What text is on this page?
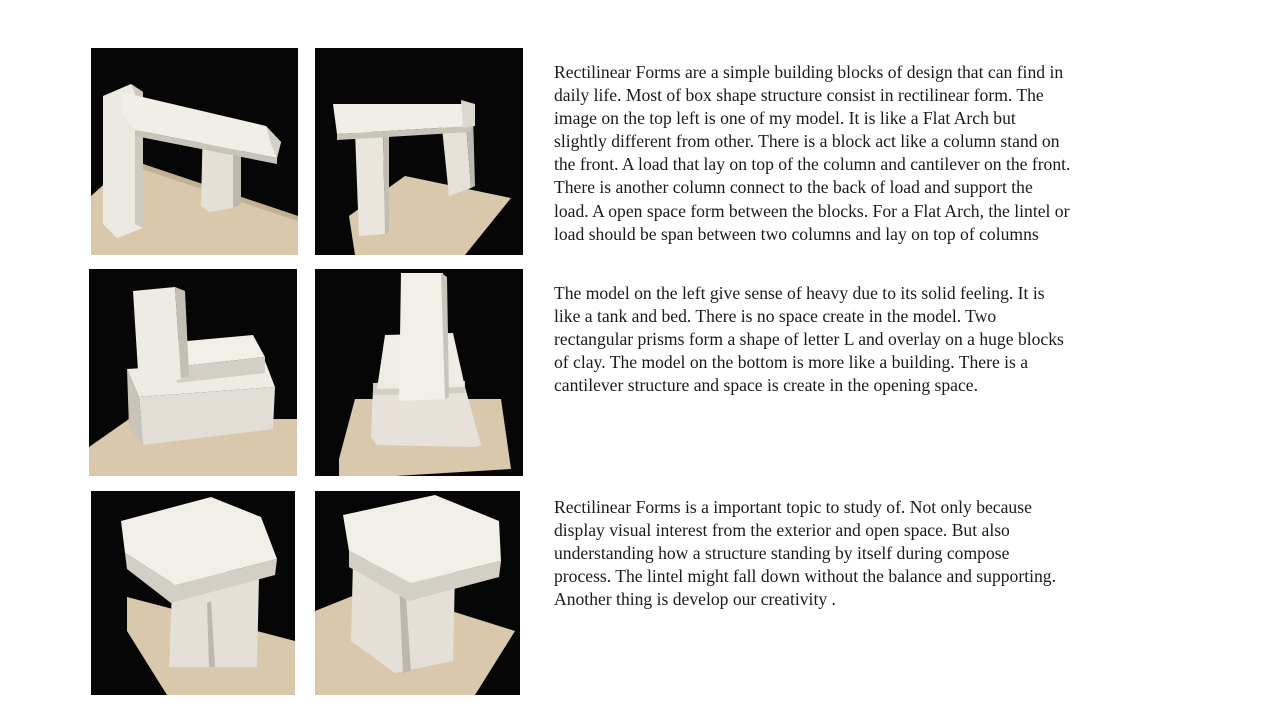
Rectilinear Forms are a simple building blocks of design that can find in
daily life. Most of box shape structure consist in rectilinear form. The
image on the top left is one of my model. It is like a Flat Arch but
slightly different from other. There is a block act like a column stand on
the front. A load that lay on top of the column and cantilever on the front.
There is another column connect to the back of load and support the
load. A open space form between the blocks. For a Flat Arch, the lintel or
load should be span between two columns and lay on top of columns

The model on the left give sense of heavy due to its solid feeling. It is
like a tank and bed. There is no space create in the model. Two
rectangular prisms form a shape of letter L and overlay on a huge blocks
of clay. The model on the bottom is more like a building. There is a
cantilever structure and space is create in the opening space.

Rectilinear Forms is a important topic to study of. Not only because
display visual interest from the exterior and open space. But also
understanding how a structure standing by itself during compose
process. The lintel might fall down without the balance and supporting.
Another thing is develop our creativity .
